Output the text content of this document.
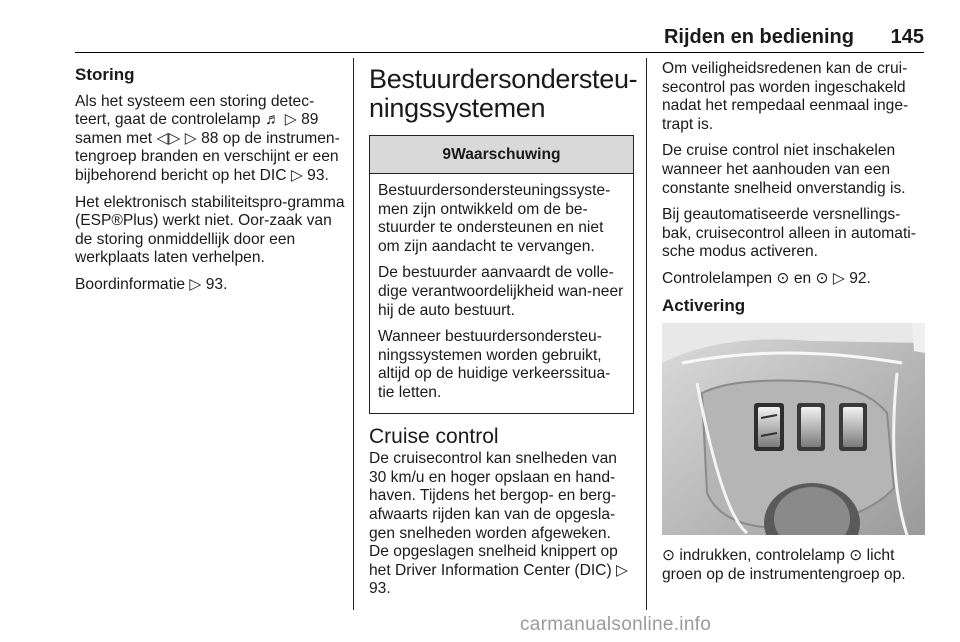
Rijden en bediening 145
Storing

Als het systeem een storing detec-teert, gaat de controlelamp ♬ ▷ 89 samen met ◁▷ ▷ 88 op de instrumen-tengroep branden en verschijnt er een bijbehorend bericht op het DIC ▷ 93.

Het elektronisch stabiliteitspro-gramma (ESP®Plus) werkt niet. Oor-zaak van de storing onmiddellijk door een werkplaats laten verhelpen.

Boordinformatie ▷ 93.

Bestuurdersondersteu-
ningssystemen
9Waarschuwing

Bestuurdersondersteuningssyste-men zijn ontwikkeld om de be-stuurder te ondersteunen en niet om zijn aandacht te vervangen.

De bestuurder aanvaardt de volle-dige verantwoordelijkheid wan-neer hij de auto bestuurt.

Wanneer bestuurdersondersteu-ningssystemen worden gebruikt, altijd op de huidige verkeerssitua-tie letten.

Cruise control

De cruisecontrol kan snelheden van 30 km/u en hoger opslaan en hand-haven. Tijdens het bergop- en berg-afwaarts rijden kan van de opgesla-gen snelheden worden afgeweken. De opgeslagen snelheid knippert op het Driver Information Center (DIC) ▷ 93.

Om veiligheidsredenen kan de crui-secontrol pas worden ingeschakeld nadat het rempedaal eenmaal inge-trapt is.

De cruise control niet inschakelen wanneer het aanhouden van een constante snelheid onverstandig is.

Bij geautomatiseerde versnellings-bak, cruisecontrol alleen in automati-sche modus activeren.

Controlelampen ⊙ en ⊙ ▷ 92.

Activering

⊙ indrukken, controlelamp ⊙ licht groen op de instrumentengroep op.

carmanualsonline.info
